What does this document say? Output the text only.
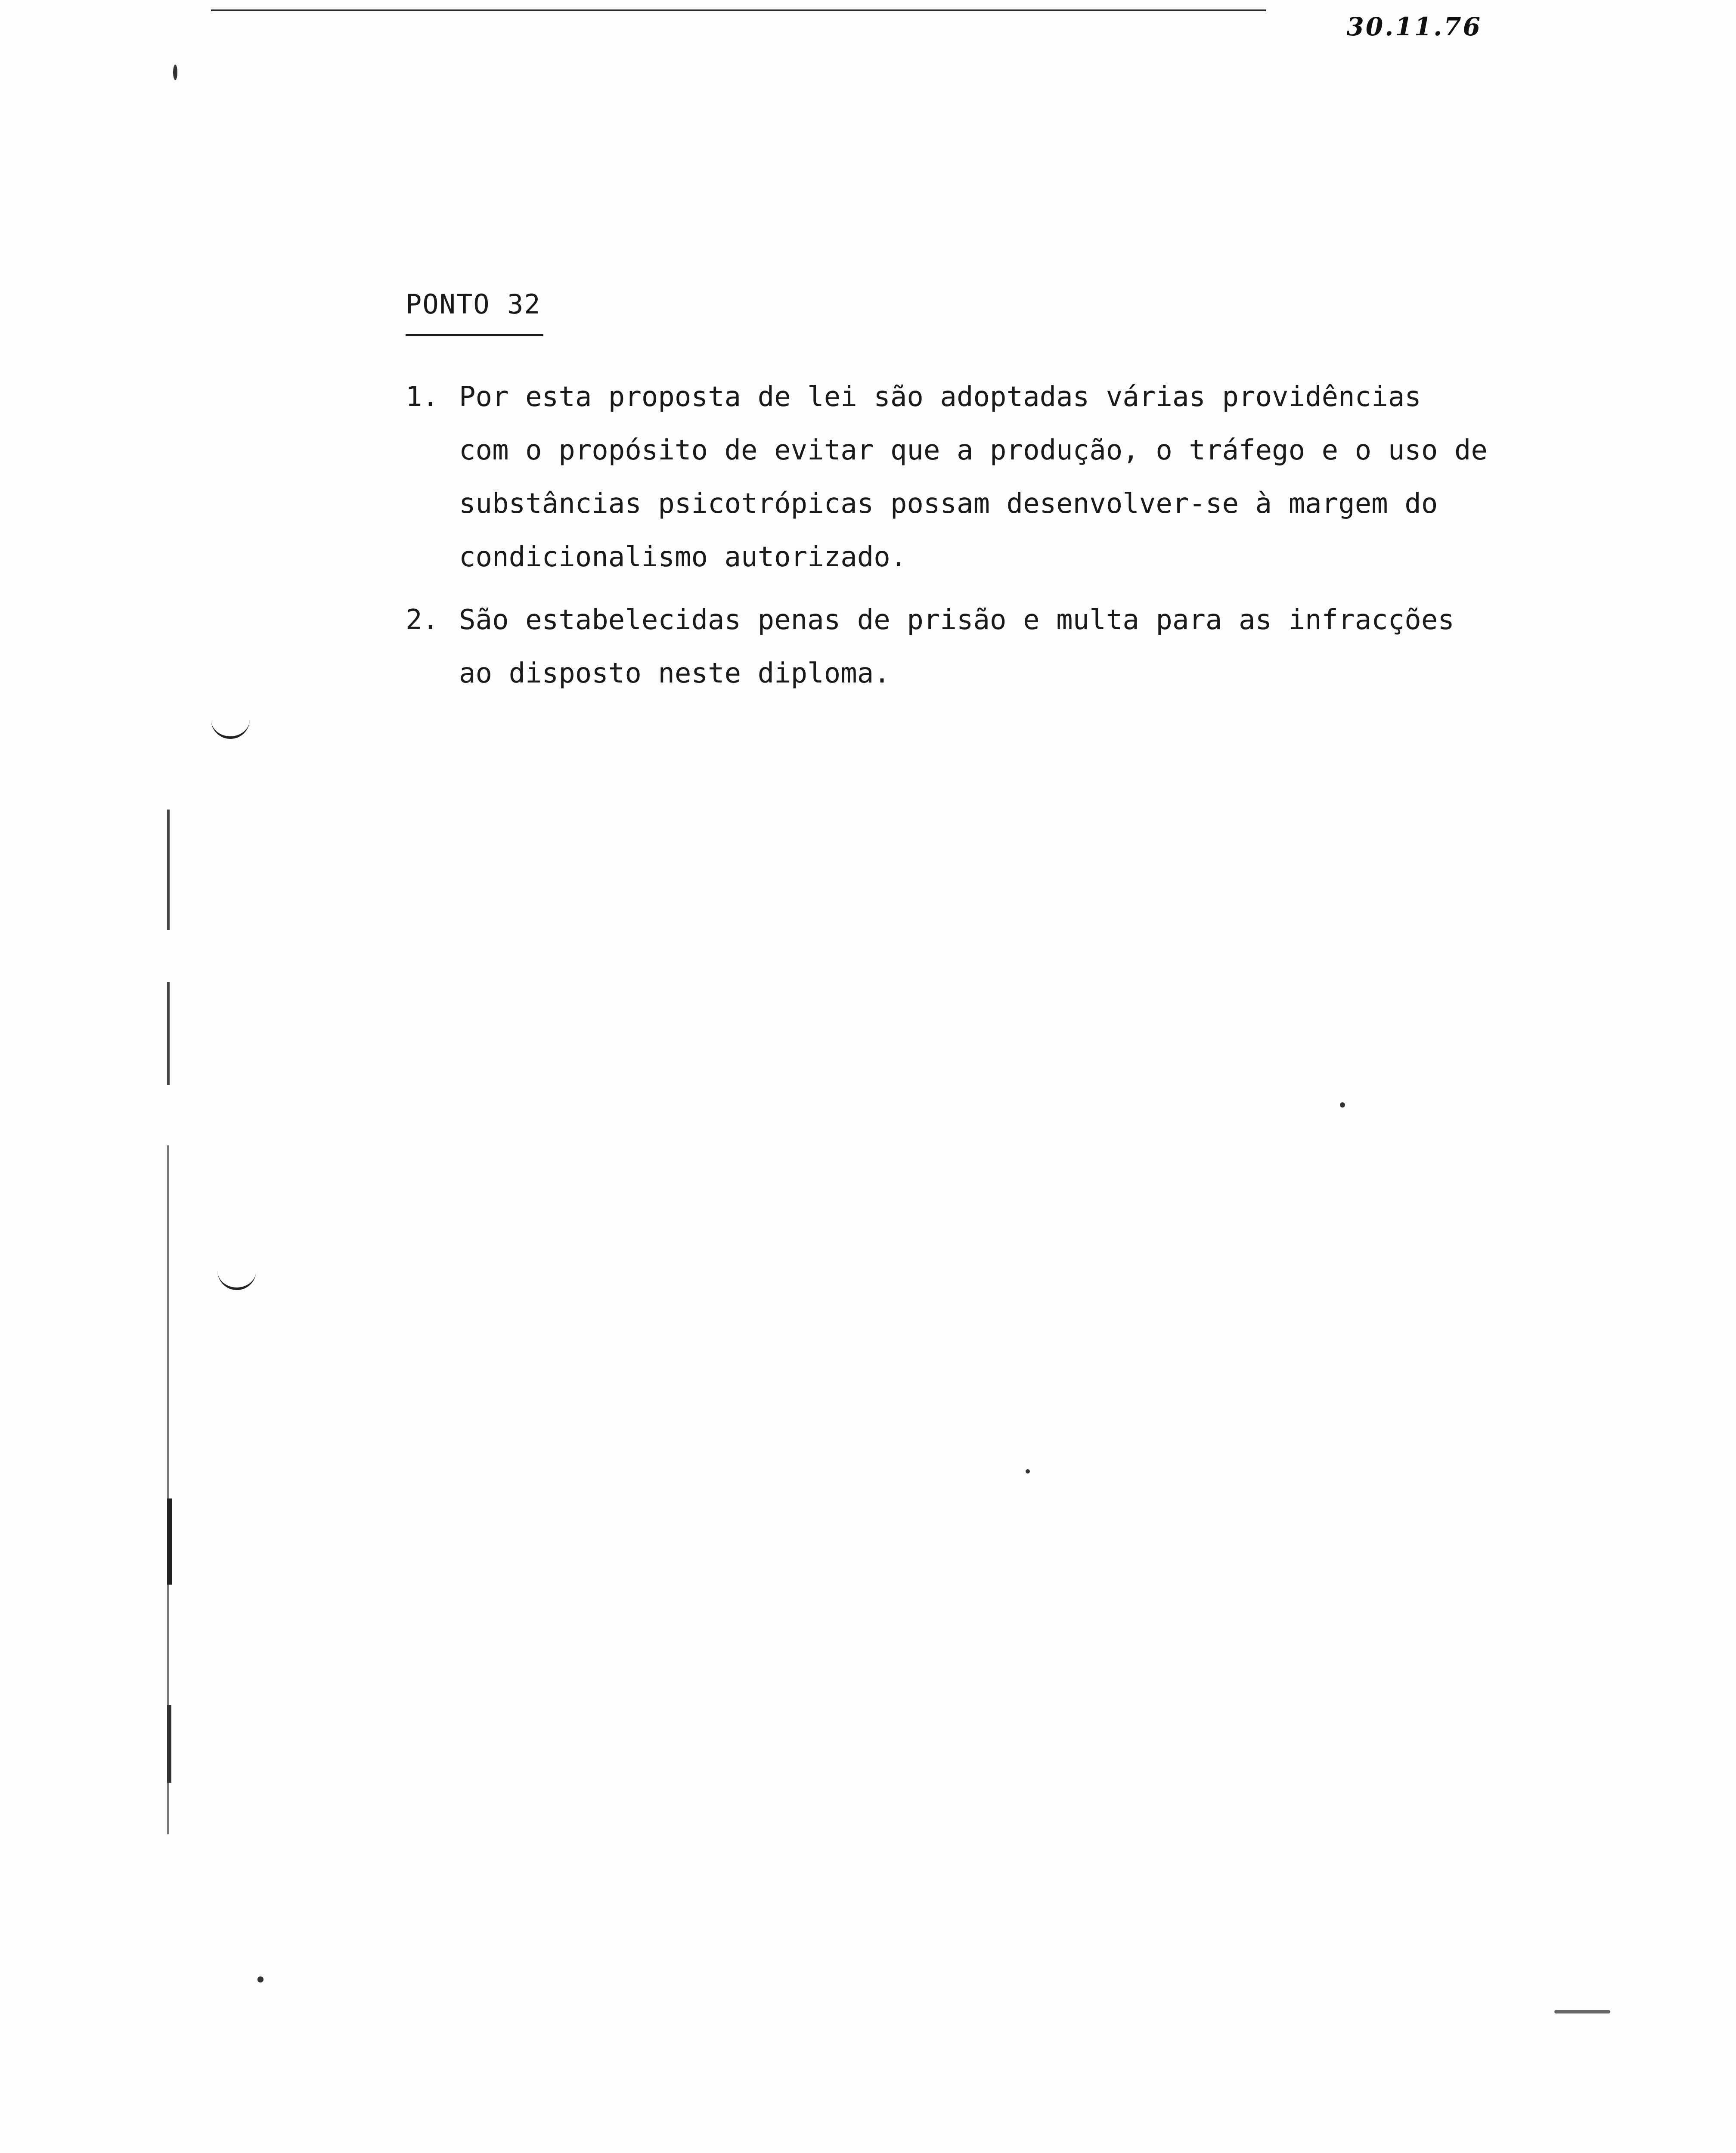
30.11.76
PONTO 32
1. Por esta proposta de lei são adoptadas várias providências
com o propósito de evitar que a produção, o tráfego e o uso de
substâncias psicotrópicas possam desenvolver-se à margem do
condicionalismo autorizado.
2. São estabelecidas penas de prisão e multa para as infracções
ao disposto neste diploma.
